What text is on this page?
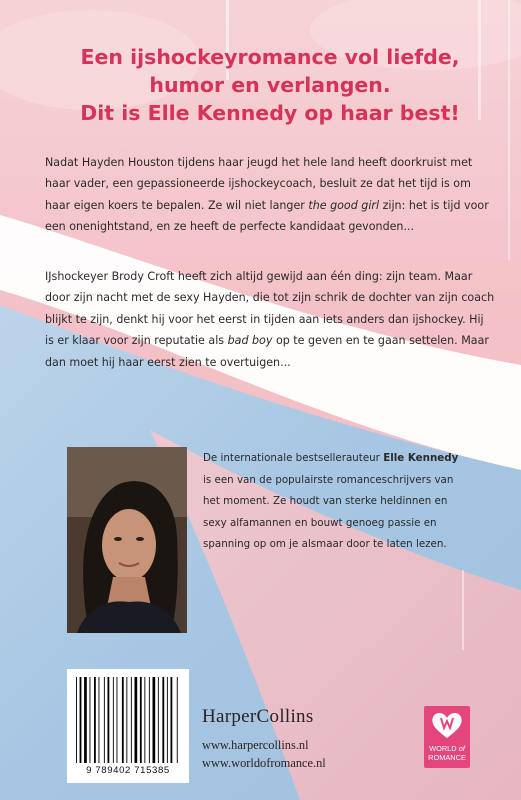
Een ijshockeyromance vol liefde,
humor en verlangen.
Dit is Elle Kennedy op haar best!
Nadat Hayden Houston tijdens haar jeugd het hele land heeft doorkruist met
haar vader, een gepassioneerde ijshockeycoach, besluit ze dat het tijd is om
haar eigen koers te bepalen. Ze wil niet langer the good girl zijn: het is tijd voor
een onenightstand, en ze heeft de perfecte kandidaat gevonden...
IJshockeyer Brody Croft heeft zich altijd gewijd aan één ding: zijn team. Maar
door zijn nacht met de sexy Hayden, die tot zijn schrik de dochter van zijn coach
blijkt te zijn, denkt hij voor het eerst in tijden aan iets anders dan ijshockey. Hij
is er klaar voor zijn reputatie als bad boy op te geven en te gaan settelen. Maar
dan moet hij haar eerst zien te overtuigen...
De internationale bestsellerauteur Elle Kennedy
is een van de populairste romanceschrijvers van
het moment. Ze houdt van sterke heldinnen en
sexy alfamannen en bouwt genoeg passie en
spanning op om je alsmaar door te laten lezen.
9 789402 715385
HarperCollins
www.harpercollins.nl
www.worldofromance.nl
WORLD of
ROMANCE
